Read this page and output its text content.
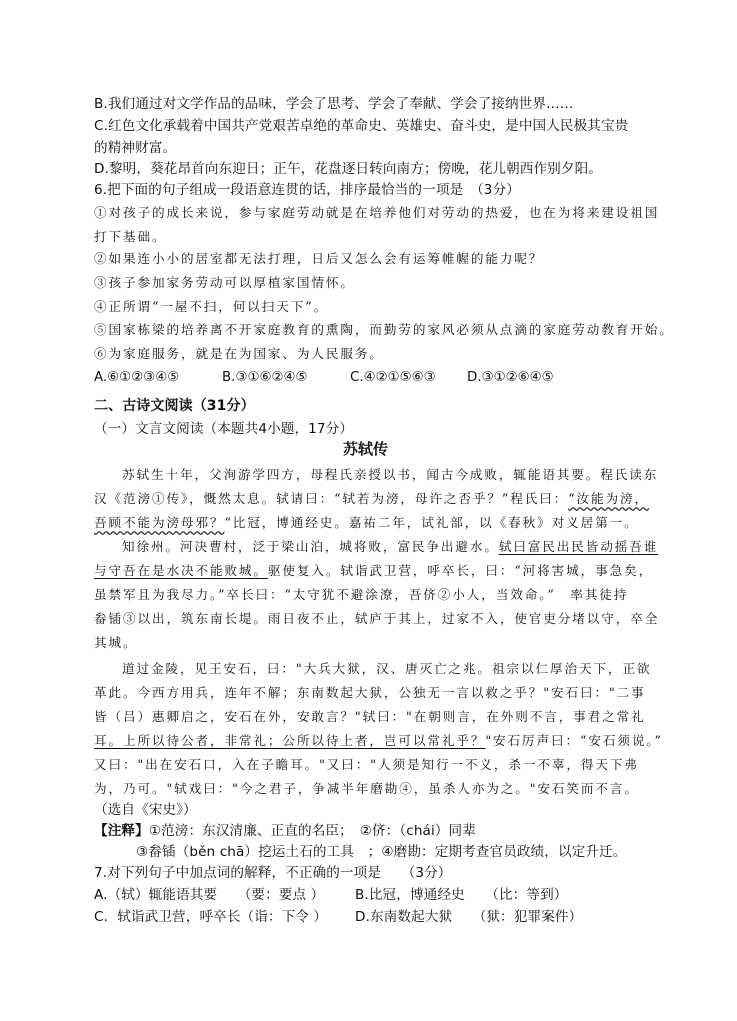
B.我们通过对文学作品的品味，学会了思考、学会了奉献、学会了接纳世界……
C.红色文化承载着中国共产党艰苦卓绝的革命史、英雄史、奋斗史，是中国人民极其宝贵
的精神财富。
D.黎明，葵花昂首向东迎日；正午，花盘逐日转向南方；傍晚，花儿朝西作别夕阳。
6.把下面的句子组成一段语意连贯的话，排序最恰当的一项是　（3分）
①对孩子的成长来说，参与家庭劳动就是在培养他们对劳动的热爱，也在为将来建设祖国
打下基础。
②如果连小小的居室都无法打理，日后又怎么会有运筹帷幄的能力呢？
③孩子参加家务劳动可以厚植家国情怀。
④正所谓“一屋不扫，何以扫天下”。
⑤国家栋梁的培养离不开家庭教育的熏陶，而勤劳的家风必须从点滴的家庭劳动教育开始。
⑥为家庭服务，就是在为国家、为人民服务。
A.⑥①②③④⑤	B.③①⑥②④⑤	C.④②①⑤⑥③ D.③①②⑥④⑤
二、古诗文阅读（31分）
（一）文言文阅读（本题共4小题，17分）
苏轼传
苏轼生十年，父洵游学四方，母程氏亲授以书，闻古今成败，辄能语其要。程氏读东
汉《范滂①传》，慨然太息。轼请曰：“轼若为滂，母许之否乎？”程氏曰：“汝能为滂，
吾顾不能为滂母邪？”比冠，博通经史。嘉祐二年，试礼部，以《春秋》对义居第一。
知徐州。河决曹村，泛于梁山泊，城将败，富民争出避水。轼曰富民出民皆动摇吾谁
与守吾在是水决不能败城。驱使复入。轼诣武卫营，呼卒长，曰：“河将害城，事急矣，
虽禁军且为我尽力。”卒长曰：“太守犹不避涂潦，吾侪②小人，当效命。”　率其徒持
畚锸③以出，筑东南长堤。雨日夜不止，轼庐于其上，过家不入，使官吏分堵以守，卒全
其城。
道过金陵，见王安石，曰："大兵大狱，汉、唐灭亡之兆。祖宗以仁厚治天下，正欲
革此。今西方用兵，连年不解；东南数起大狱，公独无一言以救之乎？"安石曰："二事
皆（吕）惠卿启之，安石在外，安敢言？"轼曰："在朝则言，在外则不言，事君之常礼
耳。上所以待公者，非常礼；公所以待上者，岂可以常礼乎？"安石厉声曰：“安石须说。”
又曰："出在安石口，入在子瞻耳。"又曰："人须是知行一不义，杀一不辜，得天下弗
为，乃可。"轼戏曰："今之君子，争减半年磨勘④，虽杀人亦为之。"安石笑而不言。
（选自《宋史》）
【注释】①范滂：东汉清廉、正直的名臣；　②侪：（chái）同辈
③畚锸（běn chā）挖运土石的工具　；④磨勘：定期考查官员政绩，以定升迁。
7.对下列句子中加点词的解释，不正确的一项是　　（3分）
A.（轼）辄能语其要　　（要：要点 ） B.比冠，博通经史　　（比：等到）
C．轼诣武卫营，呼卒长（诣：下令 ） D.东南数起大狱　　（狱：犯罪案件）
